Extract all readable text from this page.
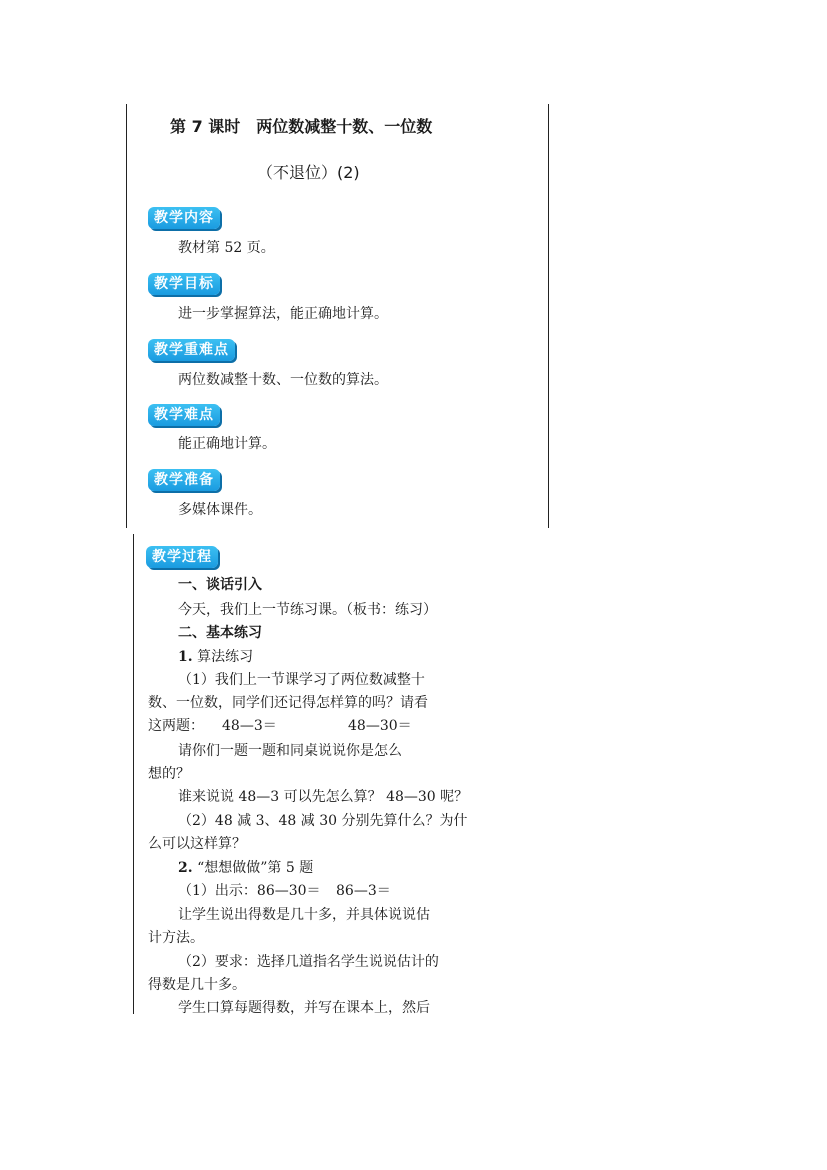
第 7 课时　两位数减整十数、一位数
（不退位）(2)
教学内容
教材第 52 页。
教学目标
进一步掌握算法，能正确地计算。
教学重难点
两位数减整十数、一位数的算法。
教学难点
能正确地计算。
教学准备
多媒体课件。
教学过程
一、谈话引入
今天，我们上一节练习课。（板书：练习）
二、基本练习
1. 算法练习
（1）我们上一节课学习了两位数减整十
数、一位数，同学们还记得怎样算的吗？请看
这两题： 48—3＝	48—30＝
请你们一题一题和同桌说说你是怎么
想的？
谁来说说 48—3 可以先怎么算？ 48—30 呢？
（2）48 减 3、48 减 30 分别先算什么？为什
么可以这样算？
2. “想想做做”第 5 题
（1）出示：86—30＝ 86—3＝
让学生说出得数是几十多，并具体说说估
计方法。
（2）要求：选择几道指名学生说说估计的
得数是几十多。
学生口算每题得数，并写在课本上，然后
